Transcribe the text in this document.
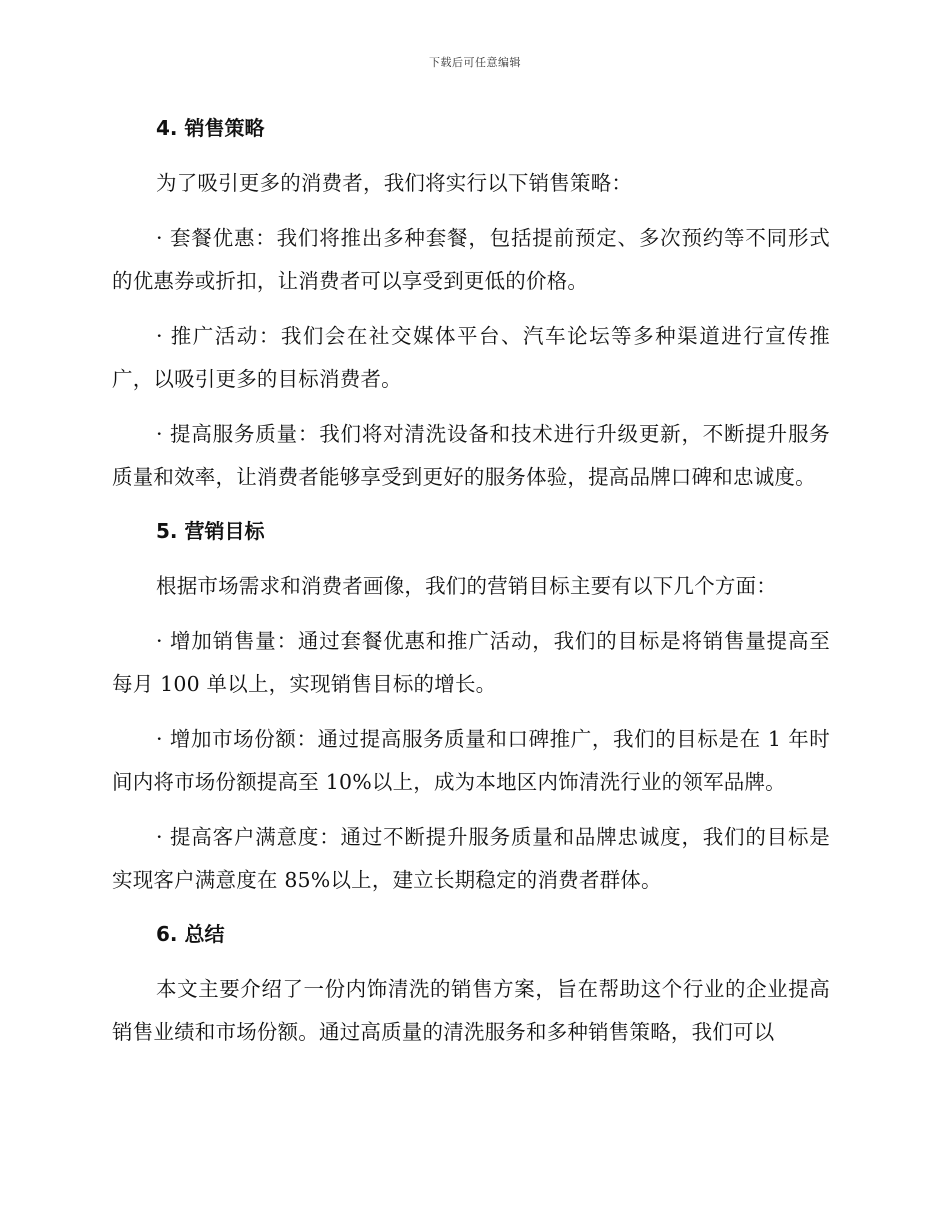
下载后可任意编辑
4. 销售策略

为了吸引更多的消费者，我们将实行以下销售策略：

· 套餐优惠：我们将推出多种套餐，包括提前预定、多次预约等不同形式的优惠券或折扣，让消费者可以享受到更低的价格。

· 推广活动：我们会在社交媒体平台、汽车论坛等多种渠道进行宣传推广，以吸引更多的目标消费者。

· 提高服务质量：我们将对清洗设备和技术进行升级更新，不断提升服务质量和效率，让消费者能够享受到更好的服务体验，提高品牌口碑和忠诚度。

5. 营销目标

根据市场需求和消费者画像，我们的营销目标主要有以下几个方面：

· 增加销售量：通过套餐优惠和推广活动，我们的目标是将销售量提高至每月 100 单以上，实现销售目标的增长。

· 增加市场份额：通过提高服务质量和口碑推广，我们的目标是在 1 年时间内将市场份额提高至 10%以上，成为本地区内饰清洗行业的领军品牌。

· 提高客户满意度：通过不断提升服务质量和品牌忠诚度，我们的目标是实现客户满意度在 85%以上，建立长期稳定的消费者群体。

6. 总结

本文主要介绍了一份内饰清洗的销售方案，旨在帮助这个行业的企业提高销售业绩和市场份额。通过高质量的清洗服务和多种销售策略，我们可以
